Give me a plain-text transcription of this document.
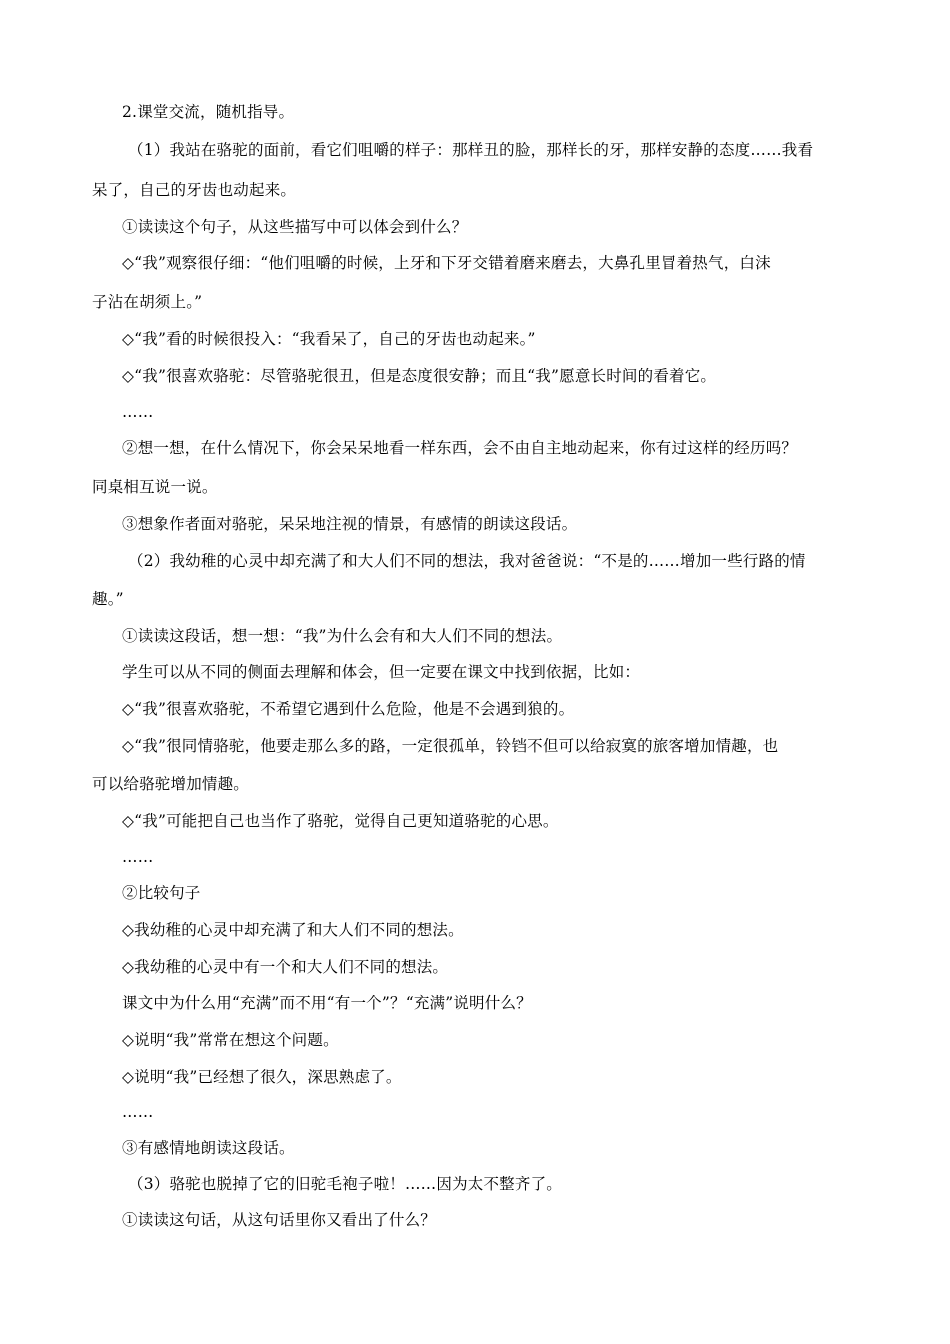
2.课堂交流，随机指导。
（1）我站在骆驼的面前，看它们咀嚼的样子：那样丑的脸，那样长的牙，那样安静的态度……我看
呆了，自己的牙齿也动起来。
①读读这个句子，从这些描写中可以体会到什么？
◇“我”观察很仔细：“他们咀嚼的时候，上牙和下牙交错着磨来磨去，大鼻孔里冒着热气，白沫
子沾在胡须上。”
◇“我”看的时候很投入：“我看呆了，自己的牙齿也动起来。”
◇“我”很喜欢骆驼：尽管骆驼很丑，但是态度很安静；而且“我”愿意长时间的看着它。
……
②想一想，在什么情况下，你会呆呆地看一样东西，会不由自主地动起来，你有过这样的经历吗？
同桌相互说一说。
③想象作者面对骆驼，呆呆地注视的情景，有感情的朗读这段话。
（2）我幼稚的心灵中却充满了和大人们不同的想法，我对爸爸说：“不是的……增加一些行路的情
趣。”
①读读这段话，想一想：“我”为什么会有和大人们不同的想法。
学生可以从不同的侧面去理解和体会，但一定要在课文中找到依据，比如：
◇“我”很喜欢骆驼，不希望它遇到什么危险，他是不会遇到狼的。
◇“我”很同情骆驼，他要走那么多的路，一定很孤单，铃铛不但可以给寂寞的旅客增加情趣，也
可以给骆驼增加情趣。
◇“我”可能把自己也当作了骆驼，觉得自己更知道骆驼的心思。
……
②比较句子
◇我幼稚的心灵中却充满了和大人们不同的想法。
◇我幼稚的心灵中有一个和大人们不同的想法。
课文中为什么用“充满”而不用“有一个”？“充满”说明什么？
◇说明“我”常常在想这个问题。
◇说明“我”已经想了很久，深思熟虑了。
……
③有感情地朗读这段话。
（3）骆驼也脱掉了它的旧驼毛袍子啦！……因为太不整齐了。
①读读这句话，从这句话里你又看出了什么？
